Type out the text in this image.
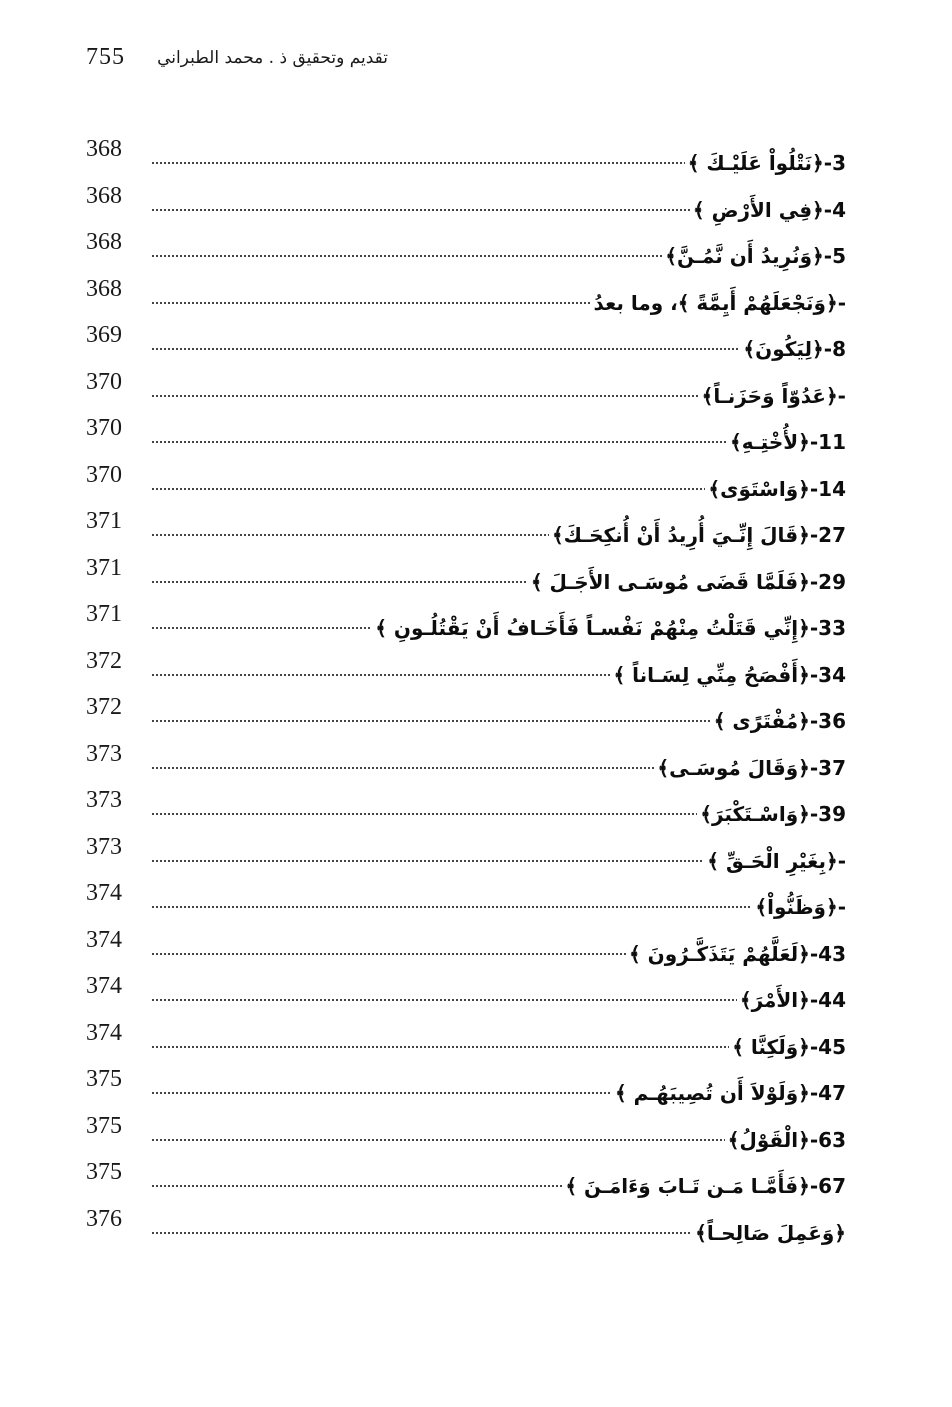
755	تقديم وتحقيق ذ . محمد الطبراني
368
3-﴿نَتْلُواْ عَلَيْـكَ ﴾
368
4-﴿فِي الأَرْضِ ﴾
368
5-﴿وَنُرِيدُ أَن نَّمُـنَّ﴾
368
-﴿وَنَجْعَلَهُمْ أَيِمَّةً ﴾، وما بعدُ
369
8-﴿لِيَكُونَ﴾
370
-﴿عَدُوّاً وَحَزَنـاً﴾
370
11-﴿لأُخْتِـهِ﴾
370
14-﴿وَاسْتَوَى﴾
371
27-﴿قَالَ إِنِّـيَ أُرِيدُ أَنْ أُنكِحَـكَ﴾
371
29-﴿فَلَمَّا قَضَى مُوسَـى الأَجَـلَ ﴾
371
33-﴿إِنِّي قَتَلْتُ مِنْهُمْ نَفْسـاً فَأَخَـافُ أَنْ يَقْتُلُـونِ ﴾
372
34-﴿أَفْصَحُ مِنِّي لِسَـاناً ﴾
372
36-﴿مُفْتَرًى ﴾
373
37-﴿وَقَالَ مُوسَـى﴾
373
39-﴿وَاسْـتَكْبَرَ﴾
373
-﴿بِغَيْرِ الْحَـقِّ ﴾
374
-﴿وَظَنُّواْ﴾
374
43-﴿لَعَلَّهُمْ يَتَذَكَّـرُونَ ﴾
374
44-﴿الأَمْرَ﴾
374
45-﴿وَلَكِنَّا ﴾
375
47-﴿وَلَوْلاَ أَن تُصِيبَهُـم ﴾
375
63-﴿الْقَوْلُ﴾
375
67-﴿فَأَمَّـا مَـن تَـابَ وَءَامَـنَ ﴾
376
﴿وَعَمِلَ صَالِحـاً﴾
